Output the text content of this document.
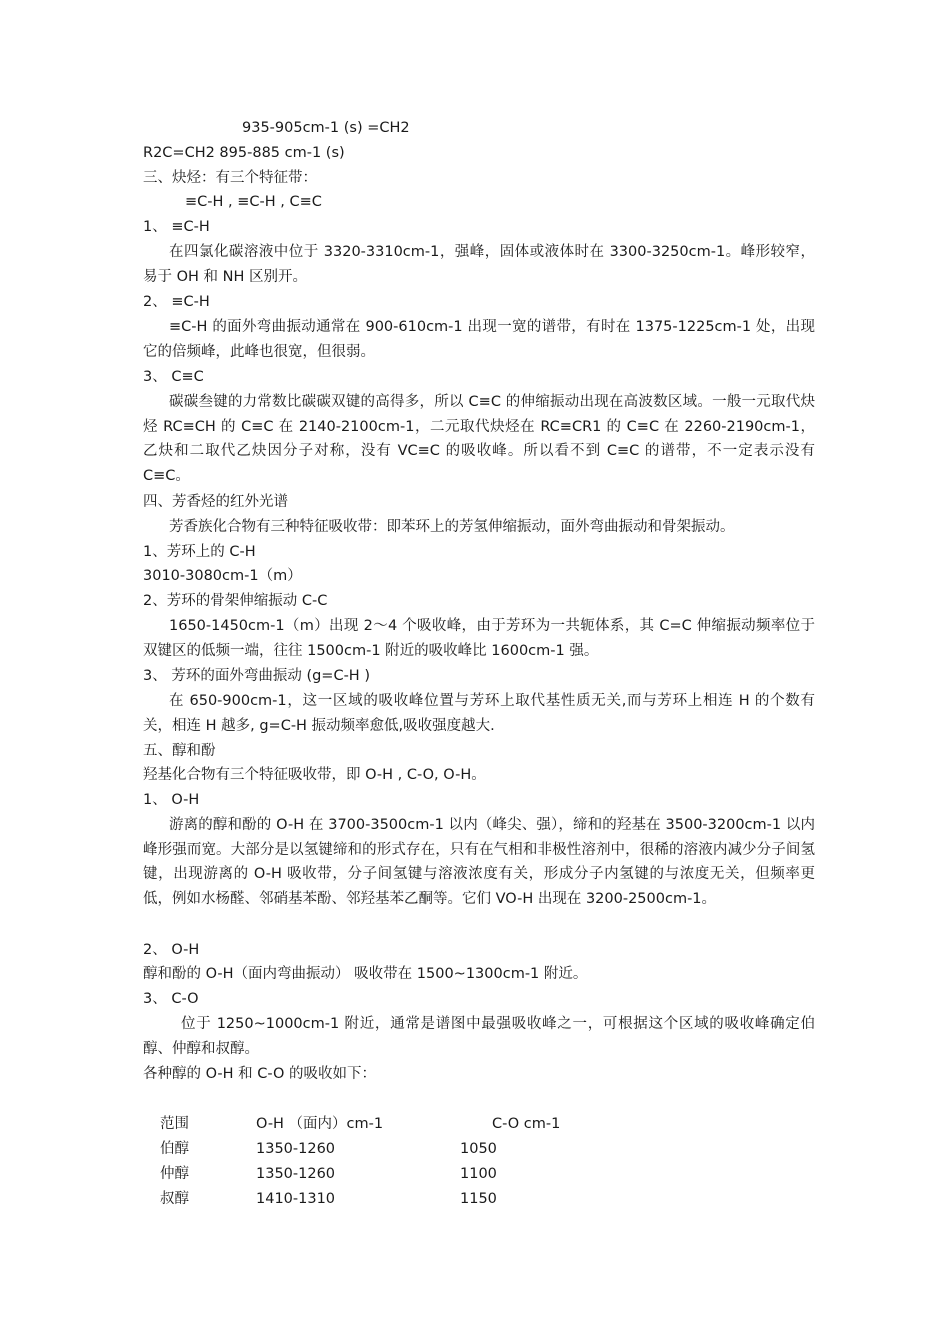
935-905cm-1 (s) =CH2
R2C=CH2 895-885 cm-1 (s)
三、炔烃：有三个特征带：
≡C-H , ≡C-H , C≡C
1、 ≡C-H
在四氯化碳溶液中位于 3320-3310cm-1，强峰，固体或液体时在 3300-3250cm-1。峰形较窄，易于 OH 和 NH 区别开。
2、 ≡C-H
≡C-H 的面外弯曲振动通常在 900-610cm-1 出现一宽的谱带，有时在 1375-1225cm-1 处，出现它的倍频峰，此峰也很宽，但很弱。
3、 C≡C
碳碳叁键的力常数比碳碳双键的高得多，所以 C≡C 的伸缩振动出现在高波数区域。一般一元取代炔烃 RC≡CH 的 C≡C 在 2140-2100cm-1，二元取代炔烃在 RC≡CR1 的 C≡C 在 2260-2190cm-1，乙炔和二取代乙炔因分子对称，没有 VC≡C 的吸收峰。所以看不到 C≡C 的谱带，不一定表示没有 C≡C。
四、芳香烃的红外光谱
芳香族化合物有三种特征吸收带：即苯环上的芳氢伸缩振动，面外弯曲振动和骨架振动。
1、芳环上的 C-H
3010-3080cm-1（m）
2、芳环的骨架伸缩振动 C-C
1650-1450cm-1（m）出现 2～4 个吸收峰，由于芳环为一共轭体系，其 C=C 伸缩振动频率位于双键区的低频一端，往往 1500cm-1 附近的吸收峰比 1600cm-1 强。
3、 芳环的面外弯曲振动 (g=C-H )
在 650-900cm-1，这一区域的吸收峰位置与芳环上取代基性质无关,而与芳环上相连 H 的个数有关，相连 H 越多, g=C-H 振动频率愈低,吸收强度越大.
五、醇和酚
羟基化合物有三个特征吸收带，即 O-H , C-O, O-H。
1、 O-H
游离的醇和酚的 O-H 在 3700-3500cm-1 以内（峰尖、强），缔和的羟基在 3500-3200cm-1 以内峰形强而宽。大部分是以氢键缔和的形式存在，只有在气相和非极性溶剂中，很稀的溶液内减少分子间氢键，出现游离的 O-H 吸收带，分子间氢键与溶液浓度有关，形成分子内氢键的与浓度无关，但频率更低，例如水杨醛、邻硝基苯酚、邻羟基苯乙酮等。它们 VO-H 出现在 3200-2500cm-1。
2、 O-H
醇和酚的 O-H（面内弯曲振动） 吸收带在 1500~1300cm-1 附近。
3、 C-O
位于 1250~1000cm-1 附近，通常是谱图中最强吸收峰之一，可根据这个区域的吸收峰确定伯醇、仲醇和叔醇。
各种醇的 O-H 和 C-O 的吸收如下：
范围	O-H （面内）cm-1	C-O cm-1
伯醇	1350-1260	1050
仲醇	1350-1260	1100
叔醇	1410-1310	1150
